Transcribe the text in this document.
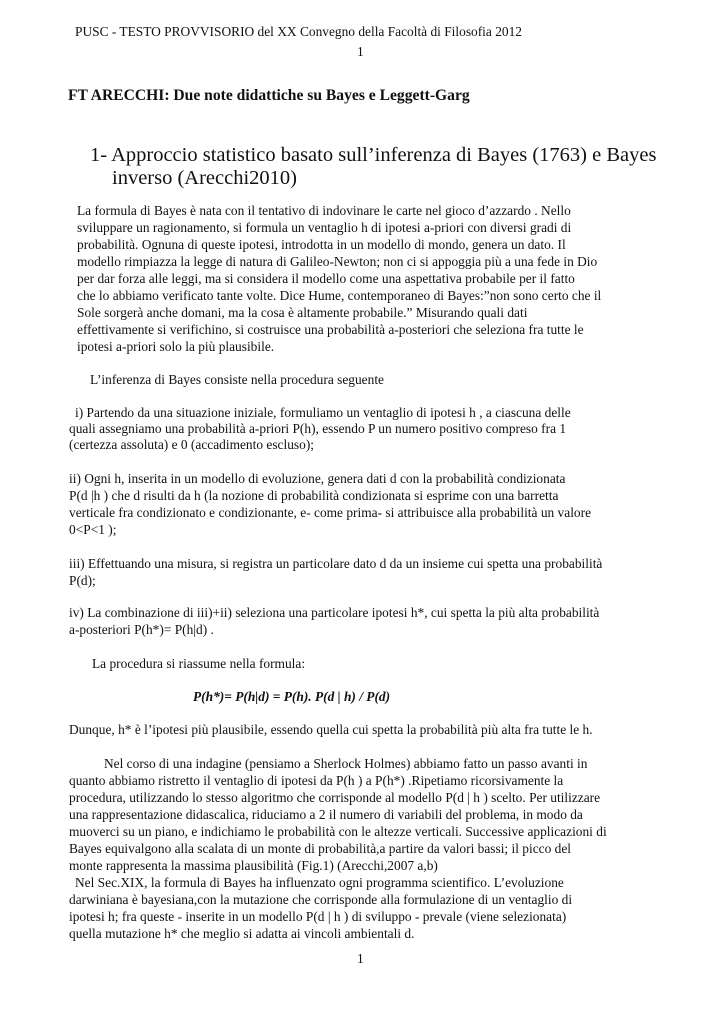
PUSC - TESTO PROVVISORIO del XX Convegno della Facoltà di Filosofia 2012
1
FT ARECCHI: Due note didattiche su Bayes e Leggett-Garg
1- Approccio statistico basato sull’inferenza di Bayes (1763) e Bayes
inverso (Arecchi2010)
La formula di Bayes è nata con il tentativo di indovinare le carte nel gioco d’azzardo . Nello
sviluppare un ragionamento, si formula un ventaglio h di ipotesi a-priori con diversi gradi di
probabilità. Ognuna di queste ipotesi, introdotta in un modello di mondo, genera un dato. Il
modello rimpiazza la legge di natura di Galileo-Newton; non ci si appoggia più a una fede in Dio
per dar forza alle leggi, ma si considera il modello come una aspettativa probabile per il fatto
che lo abbiamo verificato tante volte. Dice Hume, contemporaneo di Bayes:”non sono certo che il
Sole sorgerà anche domani, ma la cosa è altamente probabile.” Misurando quali dati
effettivamente si verifichino, si costruisce una probabilità a-posteriori che seleziona fra tutte le
ipotesi a-priori solo la più plausibile.
L’inferenza di Bayes consiste nella procedura seguente
i) Partendo da una situazione iniziale, formuliamo un ventaglio di ipotesi h , a ciascuna delle
quali assegniamo una probabilità a-priori P(h), essendo P un numero positivo compreso fra 1
(certezza assoluta) e 0 (accadimento escluso);
ii) Ogni h, inserita in un modello di evoluzione, genera dati d con la probabilità condizionata
P(d |h ) che d risulti da h (la nozione di probabilità condizionata si esprime con una barretta
verticale fra condizionato e condizionante, e- come prima- si attribuisce alla probabilità un valore
0<P<1 );
iii) Effettuando una misura, si registra un particolare dato d da un insieme cui spetta una probabilità
P(d);
iv) La combinazione di iii)+ii) seleziona una particolare ipotesi h*, cui spetta la più alta probabilità
a-posteriori P(h*)= P(h|d) .
La procedura si riassume nella formula:
P(h*)= P(h|d) = P(h). P(d | h) / P(d)
Dunque, h* è l’ipotesi più plausibile, essendo quella cui spetta la probabilità più alta fra tutte le h.
Nel corso di una indagine (pensiamo a Sherlock Holmes) abbiamo fatto un passo avanti in
quanto abbiamo ristretto il ventaglio di ipotesi da P(h ) a P(h*) .Ripetiamo ricorsivamente la
procedura, utilizzando lo stesso algoritmo che corrisponde al modello P(d | h ) scelto. Per utilizzare
una rappresentazione didascalica, riduciamo a 2 il numero di variabili del problema, in modo da
muoverci su un piano, e indichiamo le probabilità con le altezze verticali. Successive applicazioni di
Bayes equivalgono alla scalata di un monte di probabilità,a partire da valori bassi; il picco del
monte rappresenta la massima plausibilità (Fig.1) (Arecchi,2007 a,b)
Nel Sec.XIX, la formula di Bayes ha influenzato ogni programma scientifico. L’evoluzione
darwiniana è bayesiana,con la mutazione che corrisponde alla formulazione di un ventaglio di
ipotesi h; fra queste - inserite in un modello P(d | h ) di sviluppo - prevale (viene selezionata)
quella mutazione h* che meglio si adatta ai vincoli ambientali d.
1
